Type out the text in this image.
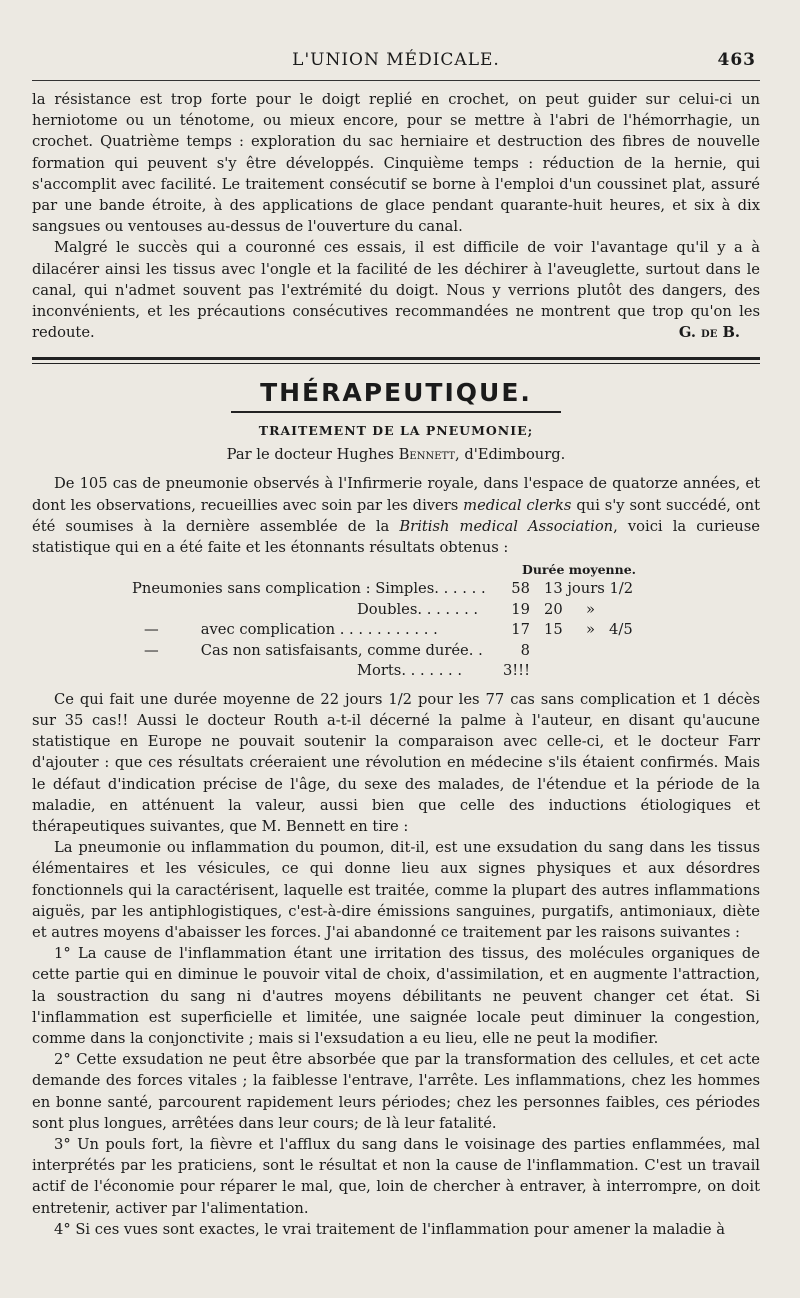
L'UNION MÉDICALE.	463

la résistance est trop forte pour le doigt replié en crochet, on peut guider sur celui-ci un herniotome ou un ténotome, ou mieux encore, pour se mettre à l'abri de l'hémorrhagie, un crochet. Quatrième temps : exploration du sac herniaire et destruction des fibres de nouvelle formation qui peuvent s'y être développés. Cinquième temps : réduction de la hernie, qui s'accomplit avec facilité. Le traitement consécutif se borne à l'emploi d'un coussinet plat, assuré par une bande étroite, à des applications de glace pendant quarante-huit heures, et six à dix sangsues ou ventouses au-dessus de l'ouverture du canal.

Malgré le succès qui a couronné ces essais, il est difficile de voir l'avantage qu'il y a à dilacérer ainsi les tissus avec l'ongle et la facilité de les déchirer à l'aveuglette, surtout dans le canal, qui n'admet souvent pas l'extrémité du doigt. Nous y verrions plutôt des dangers, des inconvénients, et les précautions consécutives recommandées ne montrent que trop qu'on les redoute.	G. de B.

THÉRAPEUTIQUE.
TRAITEMENT DE LA PNEUMONIE;
Par le docteur Hughes Bennett, d'Edimbourg.

De 105 cas de pneumonie observés à l'Infirmerie royale, dans l'espace de quatorze années, et dont les observations, recueillies avec soin par les divers medical clerks qui s'y sont succédé, ont été soumises à la dernière assemblée de la British medical Association, voici la curieuse statistique qui en a été faite et les étonnants résultats obtenus :

Durée moyenne.
Pneumonies sans complication : Simples. . . . . .	58 13 jours 1/2
Doubles. . . . . . .	19 20     »
—         avec complication . . . . . . . . . . .	17 15     »   4/5
—         Cas non satisfaisants, comme durée. .	8
Morts. . . . . . .	3!!!

Ce qui fait une durée moyenne de 22 jours 1/2 pour les 77 cas sans complication et 1 décès sur 35 cas!! Aussi le docteur Routh a-t-il décerné la palme à l'auteur, en disant qu'aucune statistique en Europe ne pouvait soutenir la comparaison avec celle-ci, et le docteur Farr d'ajouter : que ces résultats créeraient une révolution en médecine s'ils étaient confirmés. Mais le défaut d'indication précise de l'âge, du sexe des malades, de l'étendue et la période de la maladie, en atténuent la valeur, aussi bien que celle des inductions étiologiques et thérapeutiques suivantes, que M. Bennett en tire :

La pneumonie ou inflammation du poumon, dit-il, est une exsudation du sang dans les tissus élémentaires et les vésicules, ce qui donne lieu aux signes physiques et aux désordres fonctionnels qui la caractérisent, laquelle est traitée, comme la plupart des autres inflammations aiguës, par les antiphlogistiques, c'est-à-dire émissions sanguines, purgatifs, antimoniaux, diète et autres moyens d'abaisser les forces. J'ai abandonné ce traitement par les raisons suivantes :

1° La cause de l'inflammation étant une irritation des tissus, des molécules organiques de cette partie qui en diminue le pouvoir vital de choix, d'assimilation, et en augmente l'attraction, la soustraction du sang ni d'autres moyens débilitants ne peuvent changer cet état. Si l'inflammation est superficielle et limitée, une saignée locale peut diminuer la congestion, comme dans la conjonctivite ; mais si l'exsudation a eu lieu, elle ne peut la modifier.

2° Cette exsudation ne peut être absorbée que par la transformation des cellules, et cet acte demande des forces vitales ; la faiblesse l'entrave, l'arrête. Les inflammations, chez les hommes en bonne santé, parcourent rapidement leurs périodes; chez les personnes faibles, ces périodes sont plus longues, arrêtées dans leur cours; de là leur fatalité.

3° Un pouls fort, la fièvre et l'afflux du sang dans le voisinage des parties enflammées, mal interprétés par les praticiens, sont le résultat et non la cause de l'inflammation. C'est un travail actif de l'économie pour réparer le mal, que, loin de chercher à entraver, à interrompre, on doit entretenir, activer par l'alimentation.

4° Si ces vues sont exactes, le vrai traitement de l'inflammation pour amener la maladie à
